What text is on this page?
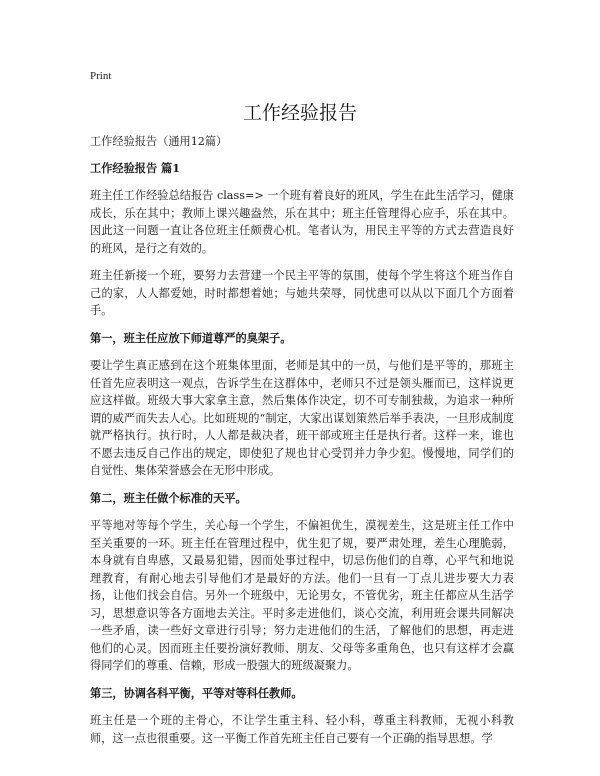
Print
工作经验报告
工作经验报告（通用12篇）
工作经验报告 篇1

班主任工作经验总结报告 class=> 一个班有着良好的班风，学生在此生活学习，健康成长，乐在其中；教师上课兴趣盎然，乐在其中；班主任管理得心应手，乐在其中。因此这一问题一直让各位班主任颇费心机。笔者认为，用民主平等的方式去营造良好的班风，是行之有效的。

班主任新接一个班，要努力去营建一个民主平等的氛围，使每个学生将这个班当作自己的家，人人都爱她，时时都想着她；与她共荣辱，同忧患可以从以下面几个方面着手。

第一，班主任应放下师道尊严的臭架子。

要让学生真正感到在这个班集体里面，老师是其中的一员，与他们是平等的，那班主任首先应表明这一观点，告诉学生在这群体中，老师只不过是领头雁而已，这样说更应这样做。班级大事大家拿主意，然后集体作决定，切不可专制独裁，为追求一种所谓的威严而失去人心。比如班规的“制定，大家出谋划策然后举手表决，一旦形成制度就严格执行。执行时，人人都是裁决者，班干部或班主任是执行者。这样一来，谁也不愿去违反自己作出的规定，即使犯了规也甘心受罚并力争少犯。慢慢地，同学们的自觉性、集体荣誉感会在无形中形成。

第二，班主任做个标准的天平。

平等地对等每个学生，关心每一个学生，不偏袒优生，漠视差生，这是班主任工作中至关重要的一环。班主任在管理过程中，优生犯了规，要严肃处理，差生心理脆弱，本身就有自卑感，又最易犯错，因而处事过程中，切忌伤他们的自尊，心平气和地说理教育，有耐心地去引导他们才是最好的方法。他们一旦有一丁点儿进步要大力表扬，让他们找会自信。另外一个班级中，无论男女，不管优劣，班主任都应从生活学习，思想意识等各方面地去关注。平时多走进他们，谈心交流，利用班会课共同解决一些矛盾，读一些好文章进行引导；努力走进他们的生活，了解他们的思想，再走进他们的心灵。因而班主任要扮演好教师、朋友、父母等多重角色，也只有这样才会赢得同学们的尊重、信赖，形成一股强大的班级凝聚力。

第三，协调各科平衡，平等对等科任教师。

班主任是一个班的主骨心，不让学生重主科、轻小科，尊重主科教师，无视小科教师，这一点也很重要。这一平衡工作首先班主任自己要有一个正确的指导思想。学
